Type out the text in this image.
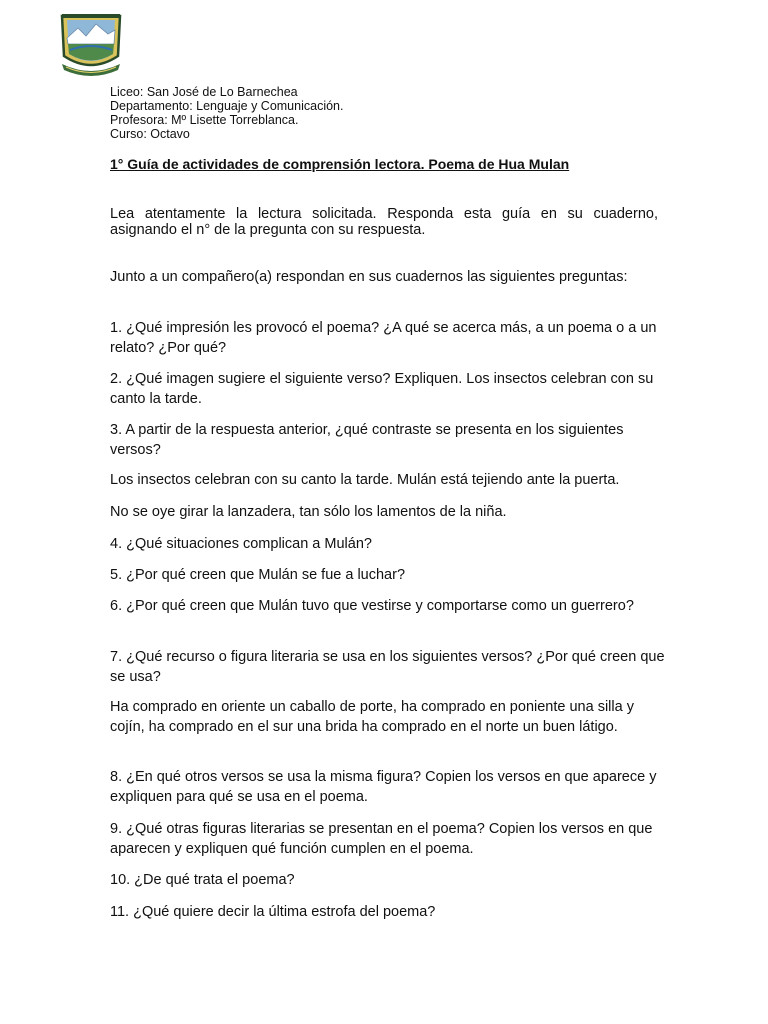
Liceo: San José de Lo Barnechea
Departamento: Lenguaje y Comunicación.
Profesora: Mº Lisette Torreblanca.
Curso: Octavo
1° Guía de actividades de comprensión lectora. Poema de Hua Mulan
Lea atentamente la lectura solicitada. Responda esta guía en su cuaderno, asignando el n° de la pregunta con su respuesta.
Junto a un compañero(a) respondan en sus cuadernos las siguientes preguntas:
1. ¿Qué impresión les provocó el poema? ¿A qué se acerca más, a un poema o a un relato? ¿Por qué?
2. ¿Qué imagen sugiere el siguiente verso? Expliquen. Los insectos celebran con su canto la tarde.
3. A partir de la respuesta anterior, ¿qué contraste se presenta en los siguientes versos?
Los insectos celebran con su canto la tarde. Mulán está tejiendo ante la puerta.
No se oye girar la lanzadera, tan sólo los lamentos de la niña.
4. ¿Qué situaciones complican a Mulán?
5. ¿Por qué creen que Mulán se fue a luchar?
6. ¿Por qué creen que Mulán tuvo que vestirse y comportarse como un guerrero?
7. ¿Qué recurso o figura literaria se usa en los siguientes versos? ¿Por qué creen que se usa?
Ha comprado en oriente un caballo de porte, ha comprado en poniente una silla y cojín, ha comprado en el sur una brida ha comprado en el norte un buen látigo.
8. ¿En qué otros versos se usa la misma figura? Copien los versos en que aparece y expliquen para qué se usa en el poema.
9. ¿Qué otras figuras literarias se presentan en el poema? Copien los versos en que aparecen y expliquen qué función cumplen en el poema.
10. ¿De qué trata el poema?
11. ¿Qué quiere decir la última estrofa del poema?
